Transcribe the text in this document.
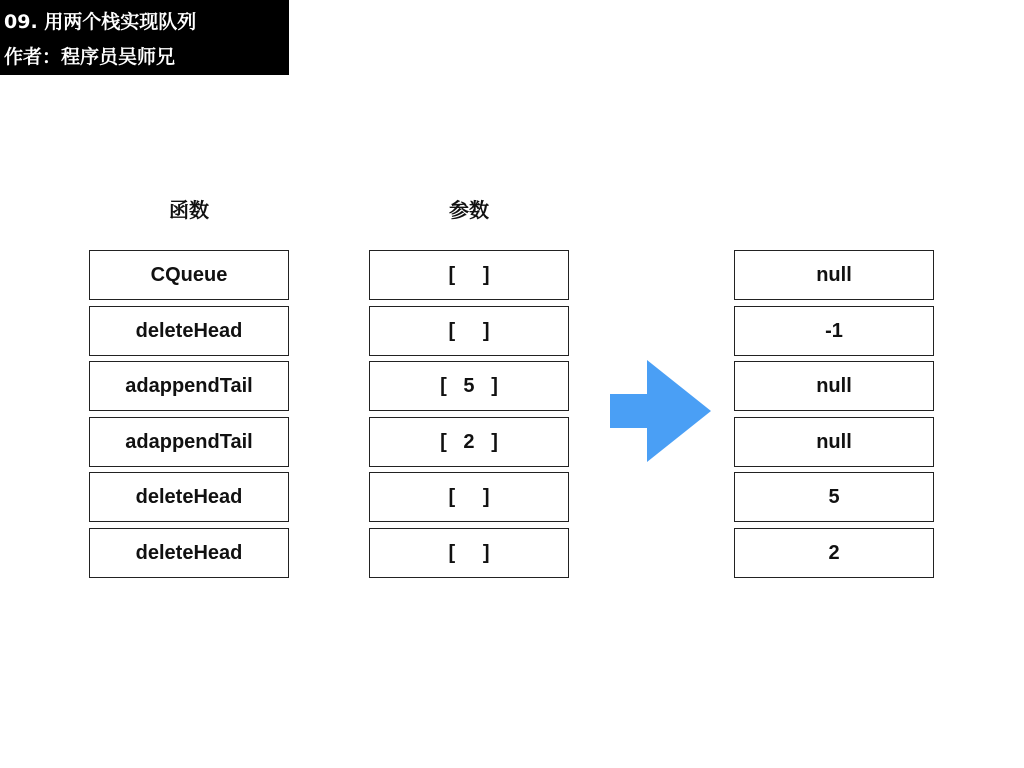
09. 用两个栈实现队列
作者：程序员吴师兄
函数	参数
CQueue
deleteHead
adappendTail
adappendTail
deleteHead
deleteHead
[     ]
[     ]
[   5   ]
[   2   ]
[     ]
[     ]
null
-1
null
null
5
2
